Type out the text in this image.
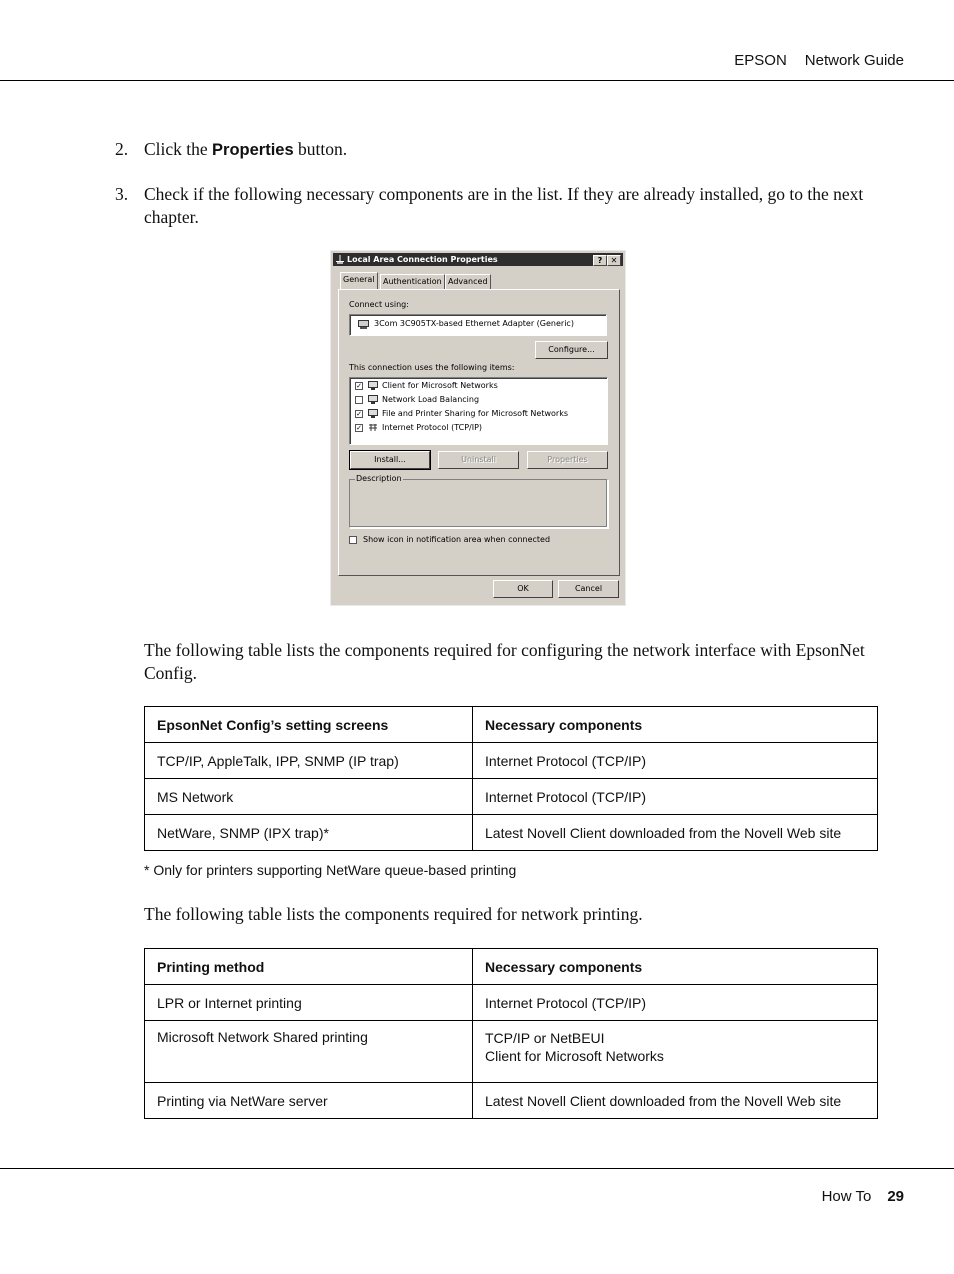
EPSON Network Guide
2. Click the Properties button.
3. Check if the following necessary components are in the list. If they are already installed, go to the next chapter.
Local Area Connection Properties	?	✕
General	Authentication Advanced
Connect using:
3Com 3C905TX-based Ethernet Adapter (Generic)
Configure...
This connection uses the following items:
✓	Client for Microsoft Networks
Network Load Balancing
✓	File and Printer Sharing for Microsoft Networks
✓	Internet Protocol (TCP/IP)
Install...	Uninstall	Properties
Description
Show icon in notification area when connected
OK	Cancel
The following table lists the components required for configuring the network interface with EpsonNet Config.
EpsonNet Config’s setting screens	Necessary components
TCP/IP, AppleTalk, IPP, SNMP (IP trap)	Internet Protocol (TCP/IP)
MS Network	Internet Protocol (TCP/IP)
NetWare, SNMP (IPX trap)*	Latest Novell Client downloaded from the Novell Web site
* Only for printers supporting NetWare queue-based printing
The following table lists the components required for network printing.
Printing method	Necessary components
LPR or Internet printing	Internet Protocol (TCP/IP)
Microsoft Network Shared printing	TCP/IP or NetBEUI
Client for Microsoft Networks

Printing via NetWare server	Latest Novell Client downloaded from the Novell Web site
How To 29
